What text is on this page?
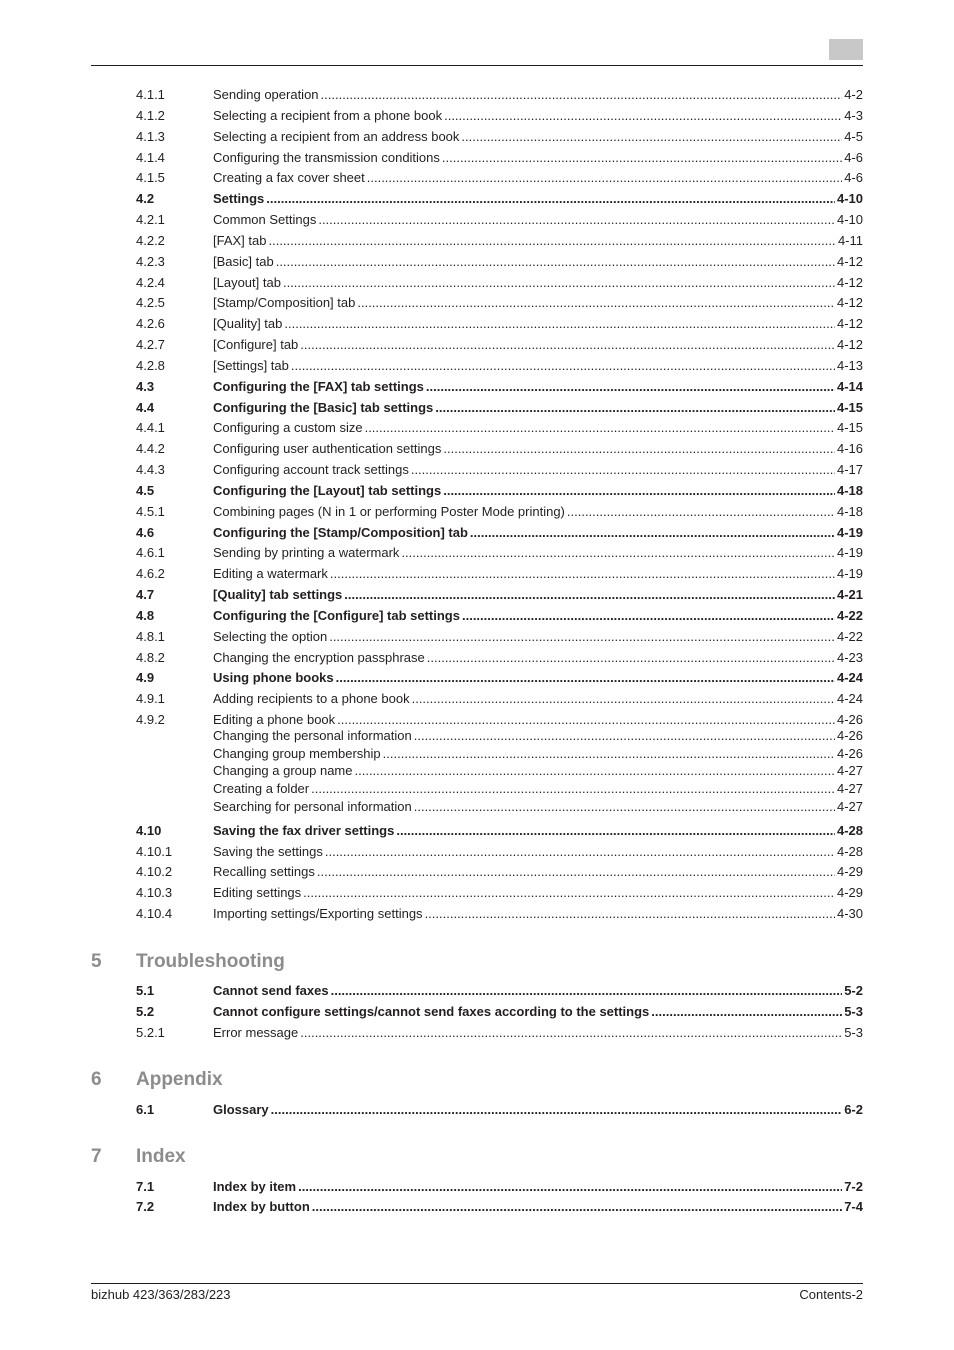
4.1.1	Sending operation .....	4-2
4.1.2	Selecting a recipient from a phone book .....	4-3
4.1.3	Selecting a recipient from an address book .....	4-5
4.1.4	Configuring the transmission conditions .....	4-6
4.1.5	Creating a fax cover sheet .....	4-6
4.2	Settings .....	4-10
4.2.1	Common Settings .....	4-10
4.2.2	[FAX] tab .....	4-11
4.2.3	[Basic] tab .....	4-12
4.2.4	[Layout] tab .....	4-12
4.2.5	[Stamp/Composition] tab .....	4-12
4.2.6	[Quality] tab .....	4-12
4.2.7	[Configure] tab .....	4-12
4.2.8	[Settings] tab .....	4-13
4.3	Configuring the [FAX] tab settings .....	4-14
4.4	Configuring the [Basic] tab settings .....	4-15
4.4.1	Configuring a custom size .....	4-15
4.4.2	Configuring user authentication settings .....	4-16
4.4.3	Configuring account track settings .....	4-17
4.5	Configuring the [Layout] tab settings .....	4-18
4.5.1	Combining pages (N in 1 or performing Poster Mode printing) .....	4-18
4.6	Configuring the [Stamp/Composition] tab .....	4-19
4.6.1	Sending by printing a watermark .....	4-19
4.6.2	Editing a watermark .....	4-19
4.7	[Quality] tab settings .....	4-21
4.8	Configuring the [Configure] tab settings .....	4-22
4.8.1	Selecting the option .....	4-22
4.8.2	Changing the encryption passphrase .....	4-23
4.9	Using phone books .....	4-24
4.9.1	Adding recipients to a phone book .....	4-24
4.9.2	Editing a phone book .....	4-26
Changing the personal information .....	4-26
Changing group membership .....	4-26
Changing a group name .....	4-27
Creating a folder .....	4-27
Searching for personal information .....	4-27
4.10	Saving the fax driver settings .....	4-28
4.10.1	Saving the settings .....	4-28
4.10.2	Recalling settings .....	4-29
4.10.3	Editing settings .....	4-29
4.10.4	Importing settings/Exporting settings .....	4-30
5.1	Cannot send faxes .....	5-2
5.2	Cannot configure settings/cannot send faxes according to the settings .....	5-3
5.2.1	Error message .....	5-3
6.1	Glossary .....	6-2
7.1	Index by item .....	7-2
7.2	Index by button .....	7-4
5	Troubleshooting
6	Appendix
7	Index
bizhub 423/363/283/223	Contents-2
